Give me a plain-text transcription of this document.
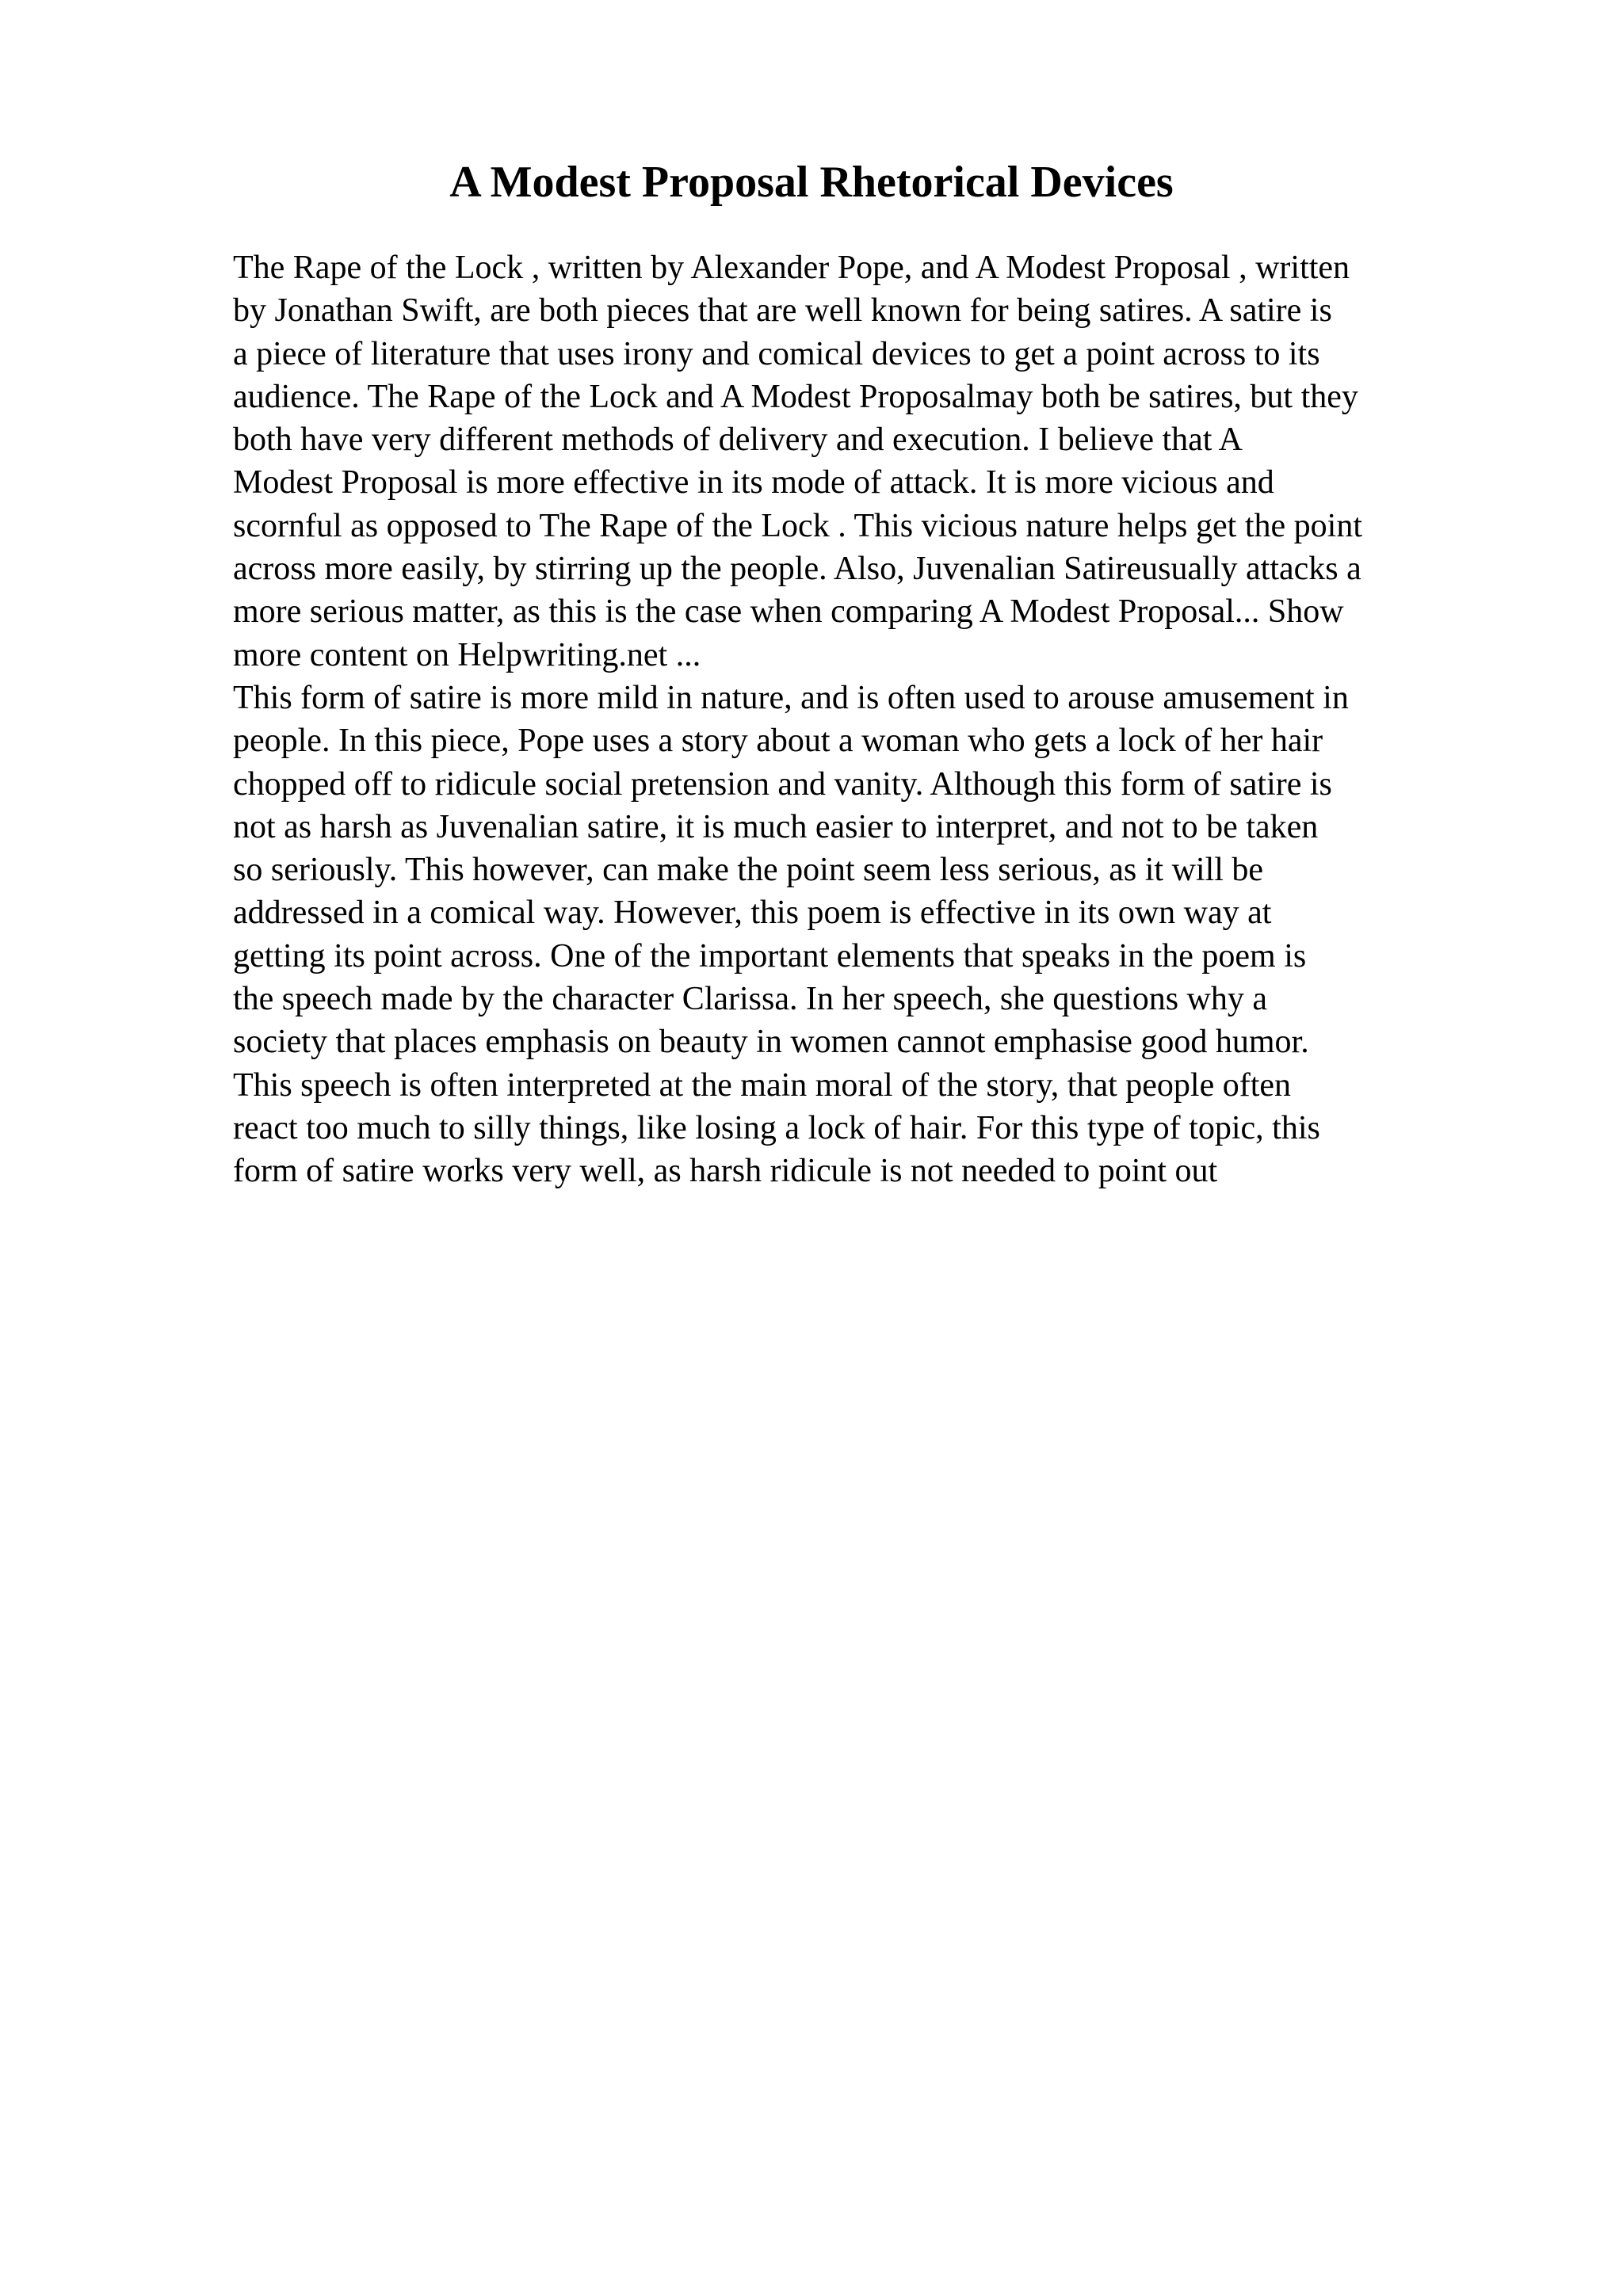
A Modest Proposal Rhetorical Devices
The Rape of the Lock , written by Alexander Pope, and A Modest Proposal , written
by Jonathan Swift, are both pieces that are well known for being satires. A satire is
a piece of literature that uses irony and comical devices to get a point across to its
audience. The Rape of the Lock and A Modest Proposalmay both be satires, but they
both have very different methods of delivery and execution. I believe that A
Modest Proposal is more effective in its mode of attack. It is more vicious and
scornful as opposed to The Rape of the Lock . This vicious nature helps get the point
across more easily, by stirring up the people. Also, Juvenalian Satireusually attacks a
more serious matter, as this is the case when comparing A Modest Proposal... Show
more content on Helpwriting.net ...
This form of satire is more mild in nature, and is often used to arouse amusement in
people. In this piece, Pope uses a story about a woman who gets a lock of her hair
chopped off to ridicule social pretension and vanity. Although this form of satire is
not as harsh as Juvenalian satire, it is much easier to interpret, and not to be taken
so seriously. This however, can make the point seem less serious, as it will be
addressed in a comical way. However, this poem is effective in its own way at
getting its point across. One of the important elements that speaks in the poem is
the speech made by the character Clarissa. In her speech, she questions why a
society that places emphasis on beauty in women cannot emphasise good humor.
This speech is often interpreted at the main moral of the story, that people often
react too much to silly things, like losing a lock of hair. For this type of topic, this
form of satire works very well, as harsh ridicule is not needed to point out
